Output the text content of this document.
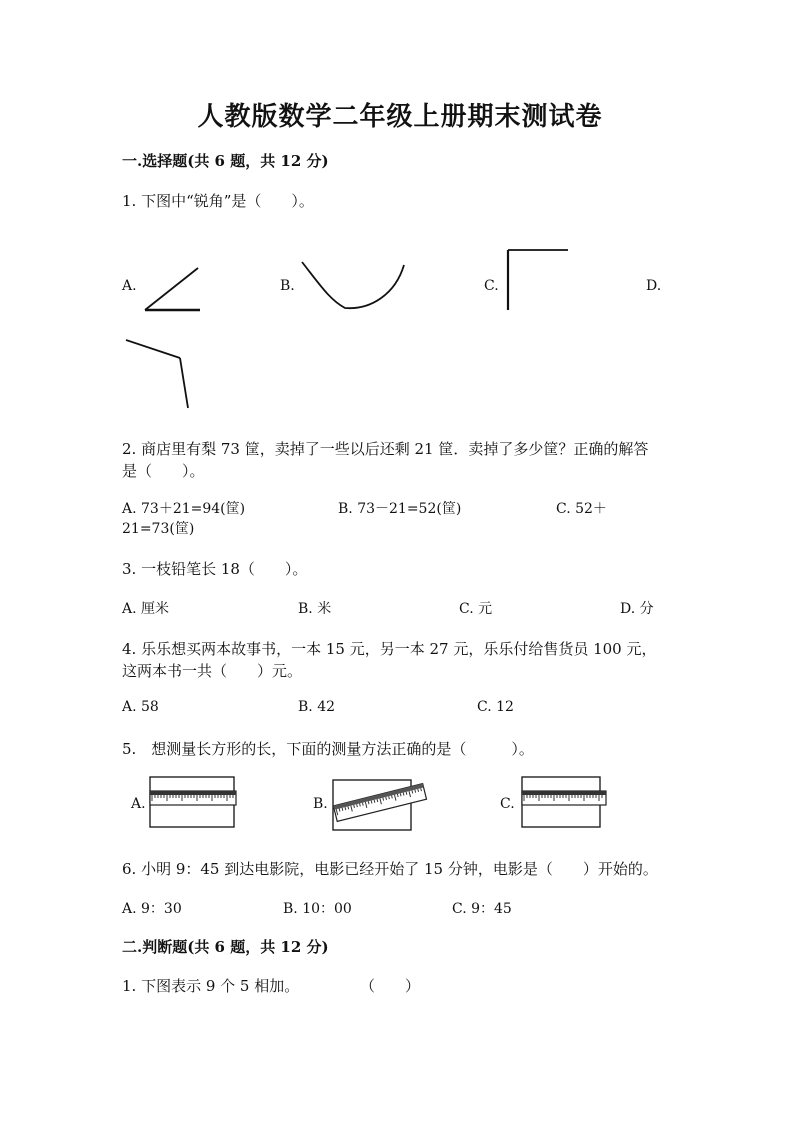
人教版数学二年级上册期末测试卷
一.选择题(共 6 题，共 12 分)
1. 下图中“锐角”是（　　）。
A.	B.	C.	D.
2. 商店里有梨 73 筐，卖掉了一些以后还剩 21 筐．卖掉了多少筐？正确的解答
是（　　）。
A. 73＋21=94(筐)	B. 73－21=52(筐)	C. 52＋
21=73(筐)
3. 一枝铅笔长 18（　　）。
A. 厘米	B. 米	C. 元	D. 分
4. 乐乐想买两本故事书，一本 15 元，另一本 27 元，乐乐付给售货员 100 元，
这两本书一共（　　）元。
A. 58	B. 42	C. 12
5.　想测量长方形的长，下面的测量方法正确的是（　　　）。
A.	B.	C.
6. 小明 9：45 到达电影院，电影已经开始了 15 分钟，电影是（　　）开始的。
A. 9：30	B. 10：00	C. 9：45
二.判断题(共 6 题，共 12 分)
1. 下图表示 9 个 5 相加。	（　　）
